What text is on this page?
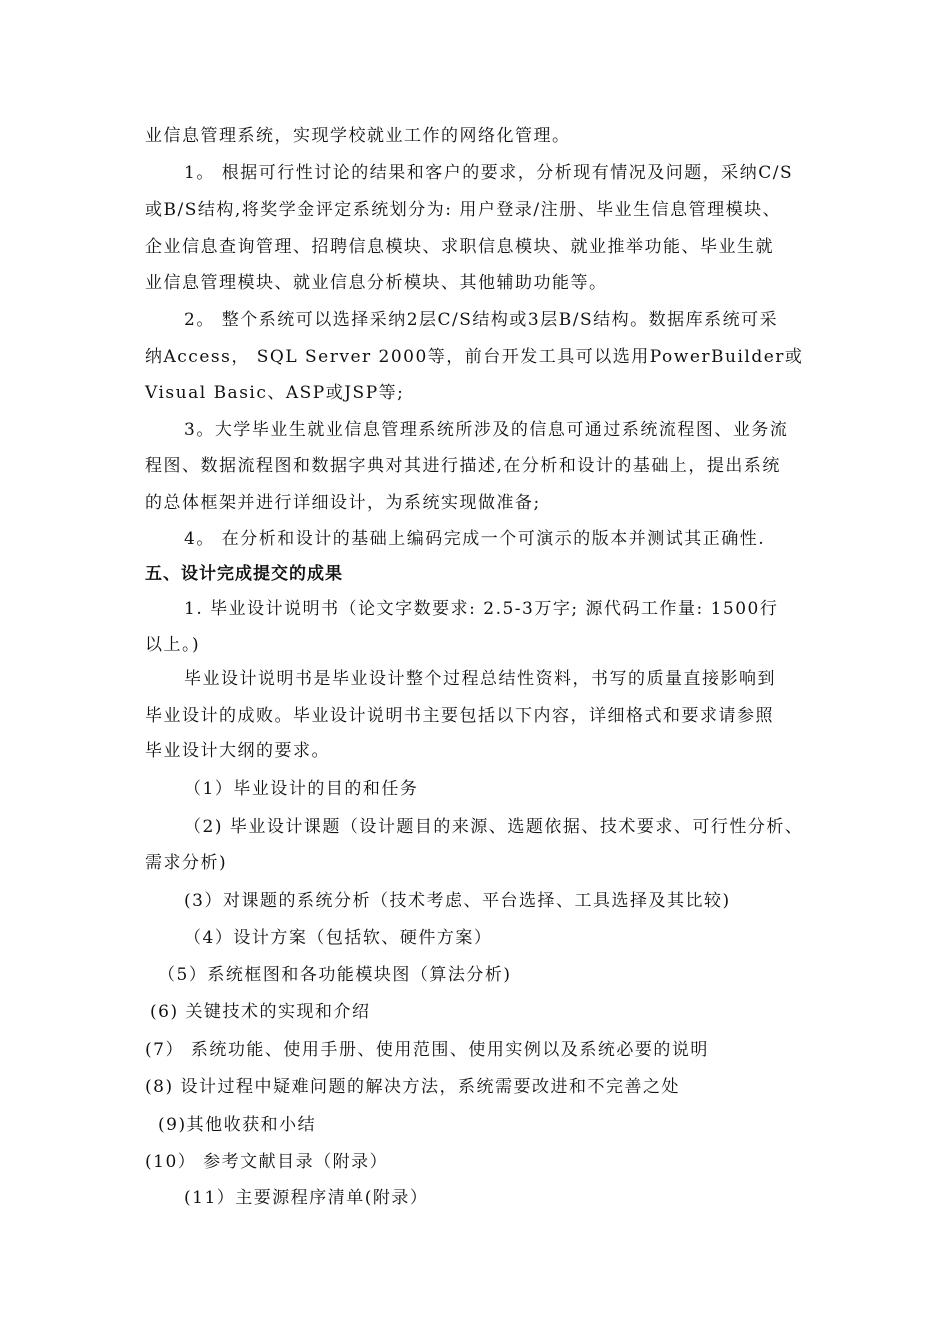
业信息管理系统，实现学校就业工作的网络化管理。
1。 根据可行性讨论的结果和客户的要求，分析现有情况及问题，采纳C/S
或B/S结构,将奖学金评定系统划分为: 用户登录/注册、毕业生信息管理模块、
企业信息查询管理、招聘信息模块、求职信息模块、就业推举功能、毕业生就
业信息管理模块、就业信息分析模块、其他辅助功能等。
2。 整个系统可以选择采纳2层C/S结构或3层B/S结构。数据库系统可采
纳Access， SQL Server 2000等，前台开发工具可以选用PowerBuilder或
Visual Basic、ASP或JSP等;
3。大学毕业生就业信息管理系统所涉及的信息可通过系统流程图、业务流
程图、数据流程图和数据字典对其进行描述,在分析和设计的基础上，提出系统
的总体框架并进行详细设计，为系统实现做准备;
4。 在分析和设计的基础上编码完成一个可演示的版本并测试其正确性.
五、设计完成提交的成果
1. 毕业设计说明书（论文字数要求: 2.5-3万字; 源代码工作量: 1500行
以上。)
毕业设计说明书是毕业设计整个过程总结性资料，书写的质量直接影响到
毕业设计的成败。毕业设计说明书主要包括以下内容，详细格式和要求请参照
毕业设计大纲的要求。
（1）毕业设计的目的和任务
（2) 毕业设计课题（设计题目的来源、选题依据、技术要求、可行性分析、
需求分析)
(3）对课题的系统分析（技术考虑、平台选择、工具选择及其比较)
（4）设计方案（包括软、硬件方案）
（5）系统框图和各功能模块图（算法分析)
(6) 关键技术的实现和介绍
(7） 系统功能、使用手册、使用范围、使用实例以及系统必要的说明
(8) 设计过程中疑难问题的解决方法，系统需要改进和不完善之处
(9)其他收获和小结
(10） 参考文献目录（附录）
(11）主要源程序清单(附录）
